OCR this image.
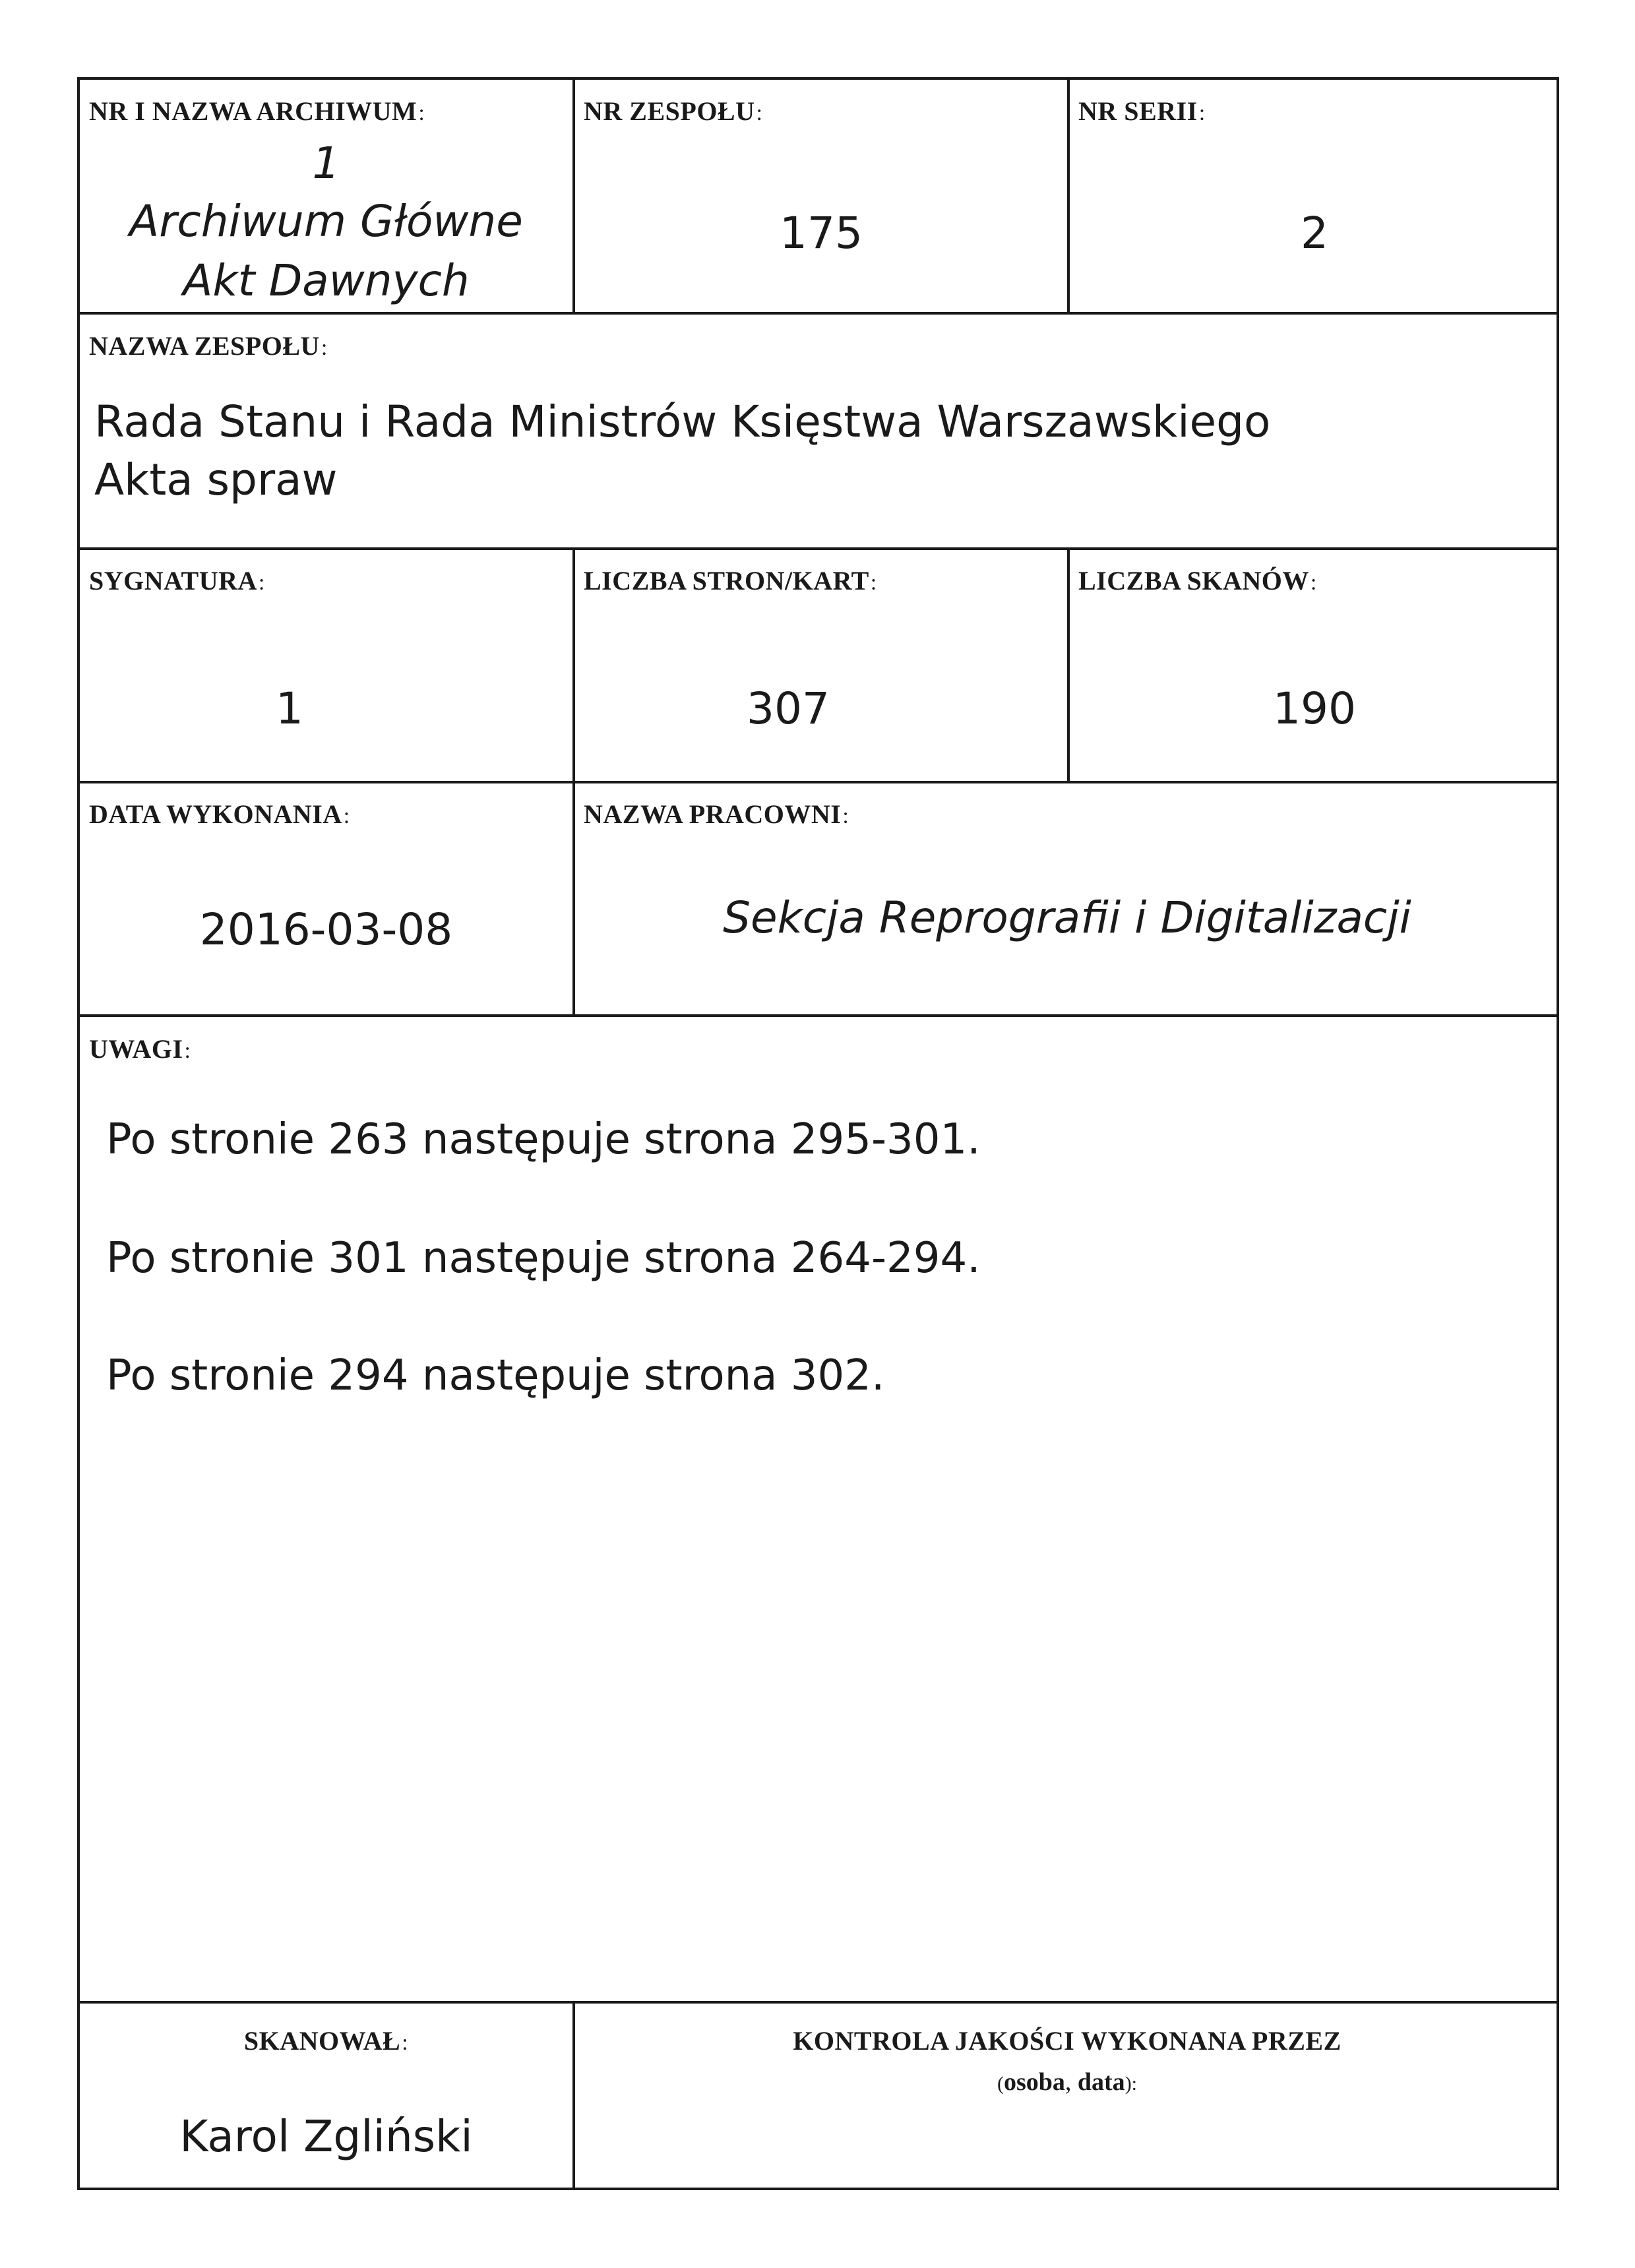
NR I NAZWA ARCHIWUM:
1
Archiwum Główne
Akt Dawnych
NR ZESPOŁU:
175
NR SERII:
2
NAZWA ZESPOŁU:
Rada Stanu i Rada Ministrów Księstwa Warszawskiego
Akta spraw
SYGNATURA:
1
LICZBA STRON/KART:
307
LICZBA SKANÓW:
190
DATA WYKONANIA:
2016-03-08
NAZWA PRACOWNI:
Sekcja Reprografii i Digitalizacji
UWAGI:
Po stronie 263 następuje strona 295-301.
Po stronie 301 następuje strona 264-294.
Po stronie 294 następuje strona 302.
SKANOWAŁ:
Karol Zgliński
KONTROLA JAKOŚCI WYKONANA PRZEZ
(osoba, data):
